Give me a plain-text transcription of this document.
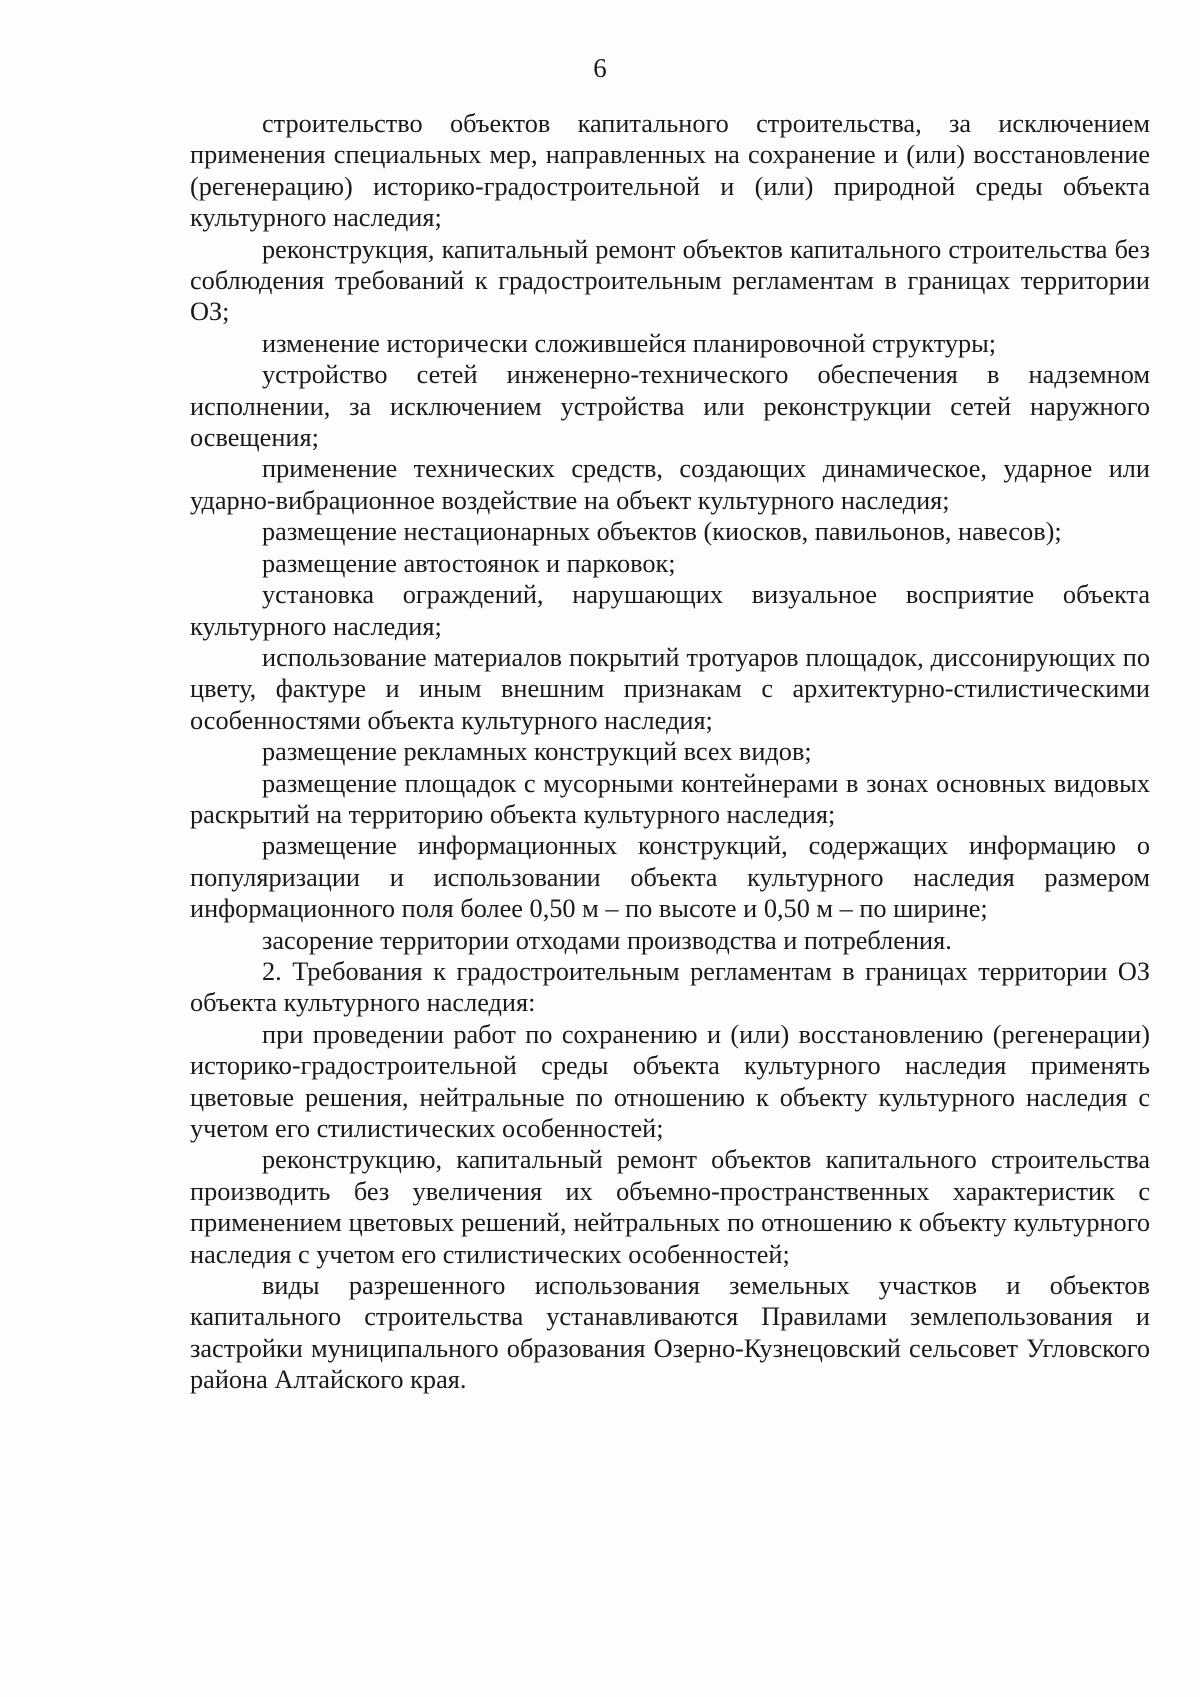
6

строительство объектов капитального строительства, за исключением применения специальных мер, направленных на сохранение и (или) восстановление (регенерацию) историко-градостроительной и (или) природной среды объекта культурного наследия;

реконструкция, капитальный ремонт объектов капитального строительства без соблюдения требований к градостроительным регламентам в границах территории ОЗ;

изменение исторически сложившейся планировочной структуры;

устройство сетей инженерно-технического обеспечения в надземном исполнении, за исключением устройства или реконструкции сетей наружного освещения;

применение технических средств, создающих динамическое, ударное или ударно-вибрационное воздействие на объект культурного наследия;

размещение нестационарных объектов (киосков, павильонов, навесов);

размещение автостоянок и парковок;

установка ограждений, нарушающих визуальное восприятие объекта культурного наследия;

использование материалов покрытий тротуаров площадок, диссонирующих по цвету, фактуре и иным внешним признакам с архитектурно-стилистическими особенностями объекта культурного наследия;

размещение рекламных конструкций всех видов;

размещение площадок с мусорными контейнерами в зонах основных видовых раскрытий на территорию объекта культурного наследия;

размещение информационных конструкций, содержащих информацию о популяризации и использовании объекта культурного наследия размером информационного поля более 0,50 м – по высоте и 0,50 м – по ширине;

засорение территории отходами производства и потребления.

2. Требования к градостроительным регламентам в границах территории ОЗ объекта культурного наследия:

при проведении работ по сохранению и (или) восстановлению (регенерации) историко-градостроительной среды объекта культурного наследия применять цветовые решения, нейтральные по отношению к объекту культурного наследия с учетом его стилистических особенностей;

реконструкцию, капитальный ремонт объектов капитального строительства производить без увеличения их объемно-пространственных характеристик с применением цветовых решений, нейтральных по отношению к объекту культурного наследия с учетом его стилистических особенностей;

виды разрешенного использования земельных участков и объектов капитального строительства устанавливаются Правилами землепользования и застройки муниципального образования Озерно-Кузнецовский сельсовет Угловского района Алтайского края.
